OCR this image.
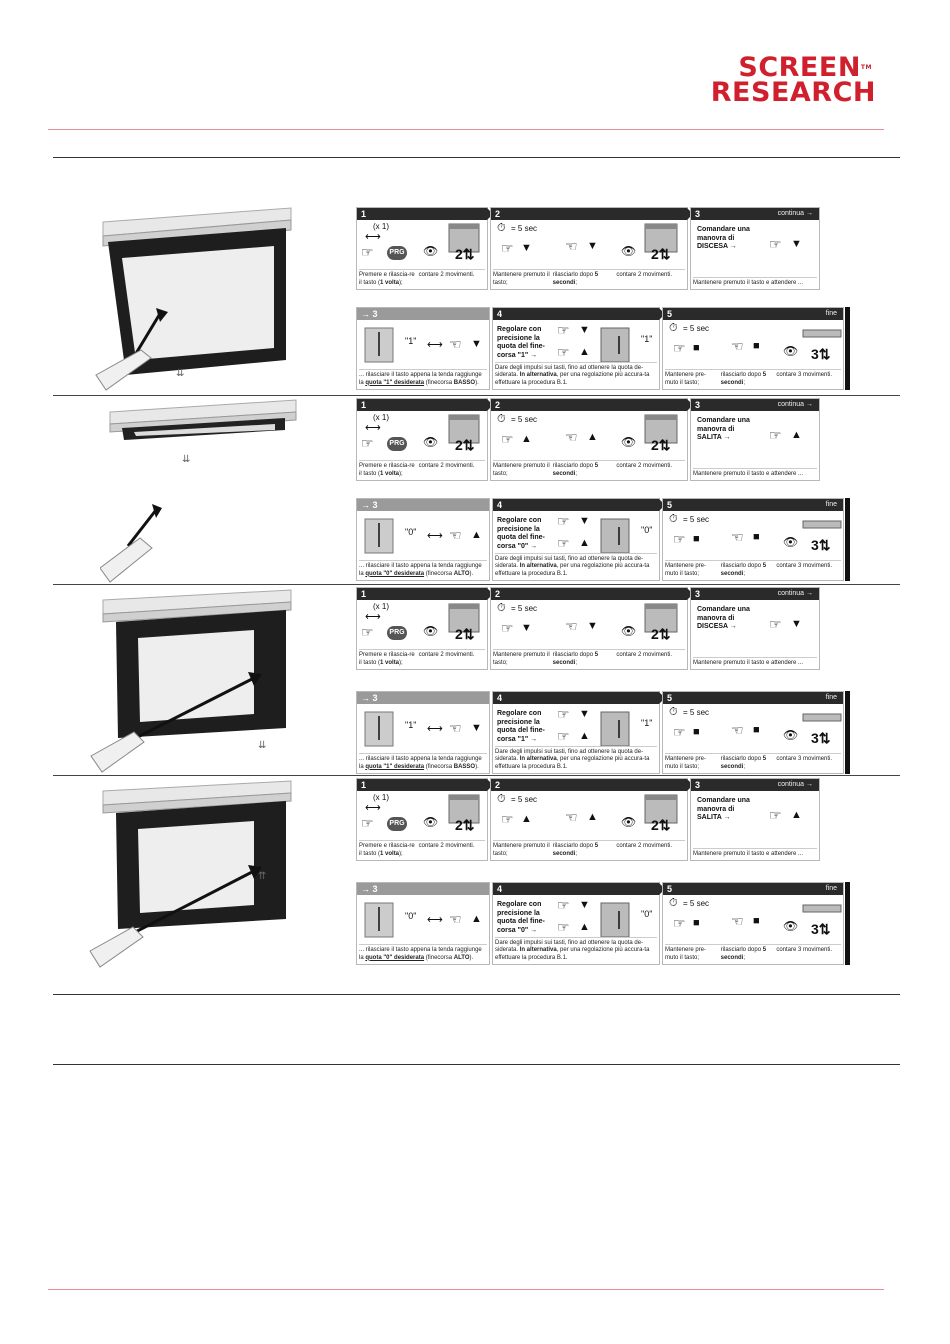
SCREEN™
RESEARCH
⇊
⇊
⇊
⇈
1
(x 1)
⟷
☞	PRG 👁 2⇅
Premere e rilascia-re il tasto (1 volta); contare 2 movimenti.
2
⏱ = 5 sec
☞ ▼ ☜ ▼ 👁 2⇅
Mantenere premuto il tasto; rilasciarlo dopo 5 secondi; contare 2 movimenti.
3	continua →
Comandare una manovra di DISCESA →	☞ ▼
Mantenere premuto il tasto e attendere ...
→ 3
"1" ⟷ ☜ ▼
... rilasciare il tasto appena la tenda raggiunge la quota "1" desiderata (finecorsa BASSO).
4
Regolare con precisione la quota del fine-corsa "1" →
☞ ▼
☞ ▲
"1"
Dare degli impulsi sui tasti, fino ad ottenere la quota de-siderata. In alternativa, per una regolazione più accura-ta effettuare la procedura B.1.
5	fine
⏱ = 5 sec
☞ ■ ☜ ■ 👁 3⇅
Mantenere pre-muto il tasto; rilasciarlo dopo 5 secondi; contare 3 movimenti.
1
(x 1)
⟷
☞	PRG 👁 2⇅
Premere e rilascia-re il tasto (1 volta); contare 2 movimenti.
2
⏱ = 5 sec
☞ ▲ ☜ ▲ 👁 2⇅
Mantenere premuto il tasto; rilasciarlo dopo 5 secondi; contare 2 movimenti.
3	continua →
Comandare una manovra di SALITA →	☞ ▲
Mantenere premuto il tasto e attendere ...
→ 3
"0" ⟷ ☜ ▲
... rilasciare il tasto appena la tenda raggiunge la quota "0" desiderata (finecorsa ALTO).
4
Regolare con precisione la quota del fine-corsa "0" →
☞ ▼
☞ ▲
"0"
Dare degli impulsi sui tasti, fino ad ottenere la quota de-siderata. In alternativa, per una regolazione più accura-ta effettuare la procedura B.1.
5	fine
⏱ = 5 sec
☞ ■ ☜ ■ 👁 3⇅
Mantenere pre-muto il tasto; rilasciarlo dopo 5 secondi; contare 3 movimenti.
1
(x 1)
⟷
☞	PRG 👁 2⇅
Premere e rilascia-re il tasto (1 volta); contare 2 movimenti.
2
⏱ = 5 sec
☞ ▼ ☜ ▼ 👁 2⇅
Mantenere premuto il tasto; rilasciarlo dopo 5 secondi; contare 2 movimenti.
3	continua →
Comandare una manovra di DISCESA →	☞ ▼
Mantenere premuto il tasto e attendere ...
→ 3
"1" ⟷ ☜ ▼
... rilasciare il tasto appena la tenda raggiunge la quota "1" desiderata (finecorsa BASSO).
4
Regolare con precisione la quota del fine-corsa "1" →
☞ ▼
☞ ▲
"1"
Dare degli impulsi sui tasti, fino ad ottenere la quota de-siderata. In alternativa, per una regolazione più accura-ta effettuare la procedura B.1.
5	fine
⏱ = 5 sec
☞ ■ ☜ ■ 👁 3⇅
Mantenere pre-muto il tasto; rilasciarlo dopo 5 secondi; contare 3 movimenti.
1
(x 1)
⟷
☞	PRG 👁 2⇅
Premere e rilascia-re il tasto (1 volta); contare 2 movimenti.
2
⏱ = 5 sec
☞ ▲ ☜ ▲ 👁 2⇅
Mantenere premuto il tasto; rilasciarlo dopo 5 secondi; contare 2 movimenti.
3	continua →
Comandare una manovra di SALITA →	☞ ▲
Mantenere premuto il tasto e attendere ...
→ 3
"0" ⟷ ☜ ▲
... rilasciare il tasto appena la tenda raggiunge la quota "0" desiderata (finecorsa ALTO).
4
Regolare con precisione la quota del fine-corsa "0" →
☞ ▼
☞ ▲
"0"
Dare degli impulsi sui tasti, fino ad ottenere la quota de-siderata. In alternativa, per una regolazione più accura-ta effettuare la procedura B.1.
5	fine
⏱ = 5 sec
☞ ■ ☜ ■ 👁 3⇅
Mantenere pre-muto il tasto; rilasciarlo dopo 5 secondi; contare 3 movimenti.
